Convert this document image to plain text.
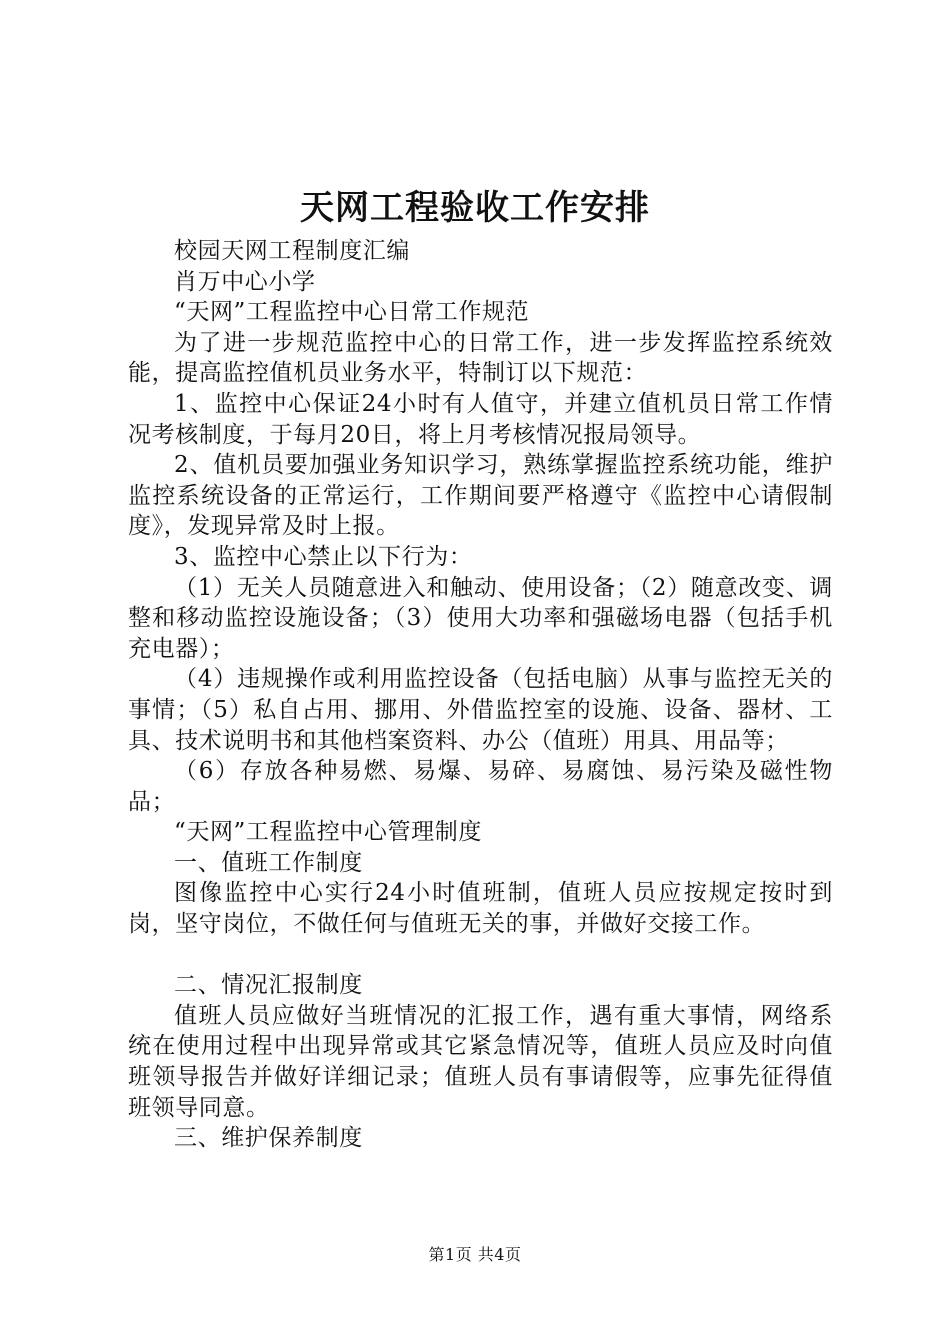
天网工程验收工作安排

校园天网工程制度汇编

肖万中心小学

“天网”工程监控中心日常工作规范

为了进一步规范监控中心的日常工作，进一步发挥监控系统效能，提高监控值机员业务水平，特制订以下规范：

1、监控中心保证24小时有人值守，并建立值机员日常工作情况考核制度，于每月20日，将上月考核情况报局领导。

2、值机员要加强业务知识学习，熟练掌握监控系统功能，维护监控系统设备的正常运行，工作期间要严格遵守《监控中心请假制度》，发现异常及时上报。

3、监控中心禁止以下行为：

（1）无关人员随意进入和触动、使用设备；（2）随意改变、调整和移动监控设施设备；（3）使用大功率和强磁场电器（包括手机充电器）；

（4）违规操作或利用监控设备（包括电脑）从事与监控无关的事情；（5）私自占用、挪用、外借监控室的设施、设备、器材、工具、技术说明书和其他档案资料、办公（值班）用具、用品等；

（6）存放各种易燃、易爆、易碎、易腐蚀、易污染及磁性物品；

“天网”工程监控中心管理制度

一、值班工作制度

图像监控中心实行24小时值班制，值班人员应按规定按时到岗，坚守岗位，不做任何与值班无关的事，并做好交接工作。

二、情况汇报制度

值班人员应做好当班情况的汇报工作，遇有重大事情，网络系统在使用过程中出现异常或其它紧急情况等，值班人员应及时向值班领导报告并做好详细记录；值班人员有事请假等，应事先征得值班领导同意。

三、维护保养制度

第1页 共4页
